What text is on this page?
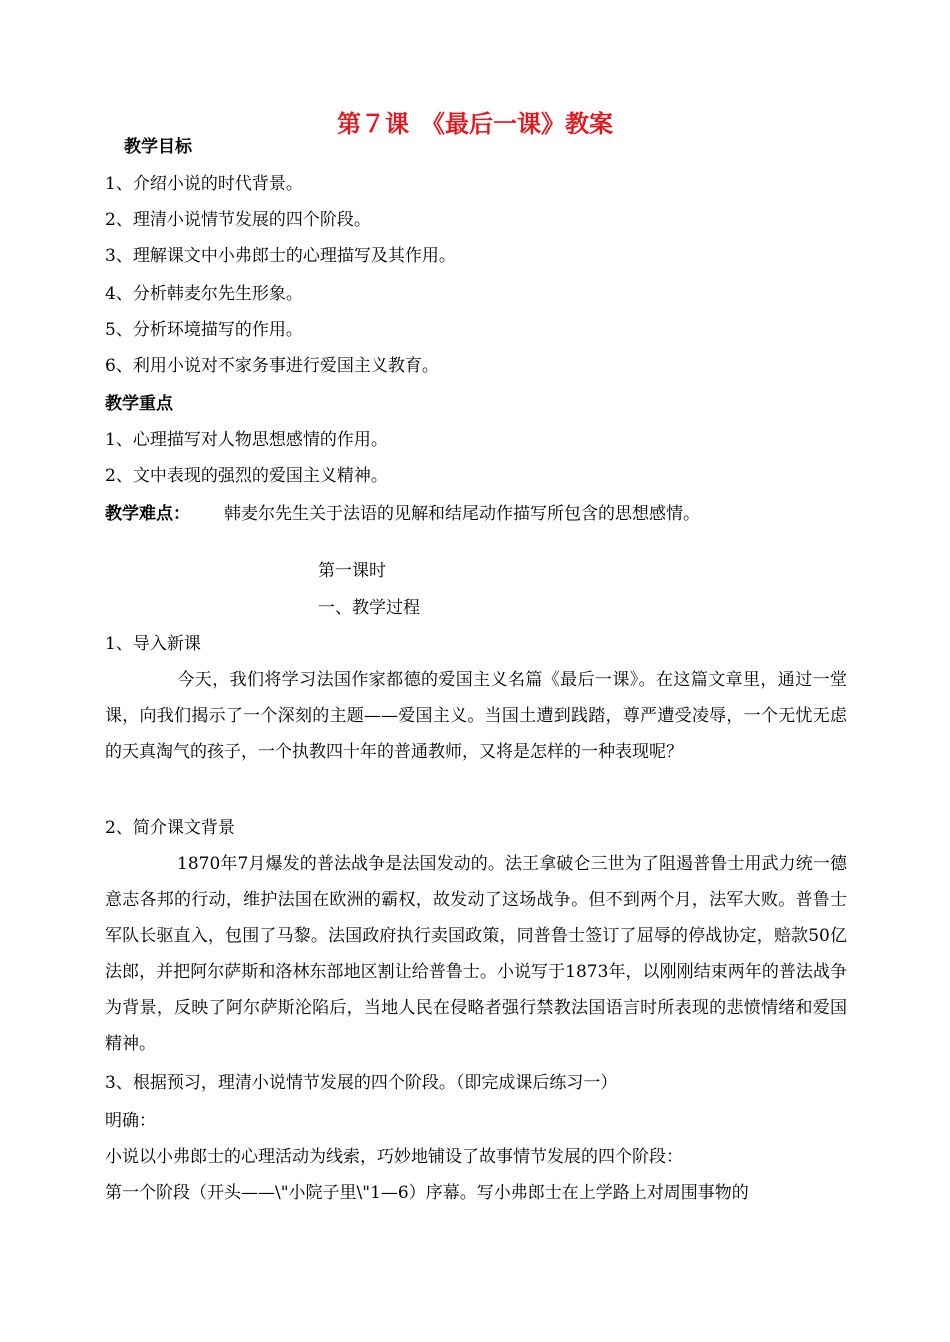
第７课　《最后一课》教案
教学目标
1、介绍小说的时代背景。
2、理清小说情节发展的四个阶段。
3、理解课文中小弗郎士的心理描写及其作用。
4、分析韩麦尔先生形象。
5、分析环境描写的作用。
6、利用小说对不家务事进行爱国主义教育。
教学重点
1、心理描写对人物思想感情的作用。
2、文中表现的强烈的爱国主义精神。
教学难点： 韩麦尔先生关于法语的见解和结尾动作描写所包含的思想感情。
第一课时
一、教学过程
1、导入新课
今天，我们将学习法国作家都德的爱国主义名篇《最后一课》。在这篇文章里，通过一堂课，向我们揭示了一个深刻的主题——爱国主义。当国土遭到践踏，尊严遭受凌辱，一个无忧无虑的天真淘气的孩子，一个执教四十年的普通教师，又将是怎样的一种表现呢？
2、简介课文背景
1870年7月爆发的普法战争是法国发动的。法王拿破仑三世为了阻遏普鲁士用武力统一德意志各邦的行动，维护法国在欧洲的霸权，故发动了这场战争。但不到两个月，法军大败。普鲁士军队长驱直入，包围了马黎。法国政府执行卖国政策，同普鲁士签订了屈辱的停战协定，赔款50亿法郎，并把阿尔萨斯和洛林东部地区割让给普鲁士。小说写于1873年，以刚刚结束两年的普法战争为背景，反映了阿尔萨斯沦陷后，当地人民在侵略者强行禁教法国语言时所表现的悲愤情绪和爱国精神。
3、根据预习，理清小说情节发展的四个阶段。（即完成课后练习一）
明确：
小说以小弗郎士的心理活动为线索，巧妙地铺设了故事情节发展的四个阶段：
第一个阶段（开头——\"小院子里\"1—6）序幕。写小弗郎士在上学路上对周围事物的
